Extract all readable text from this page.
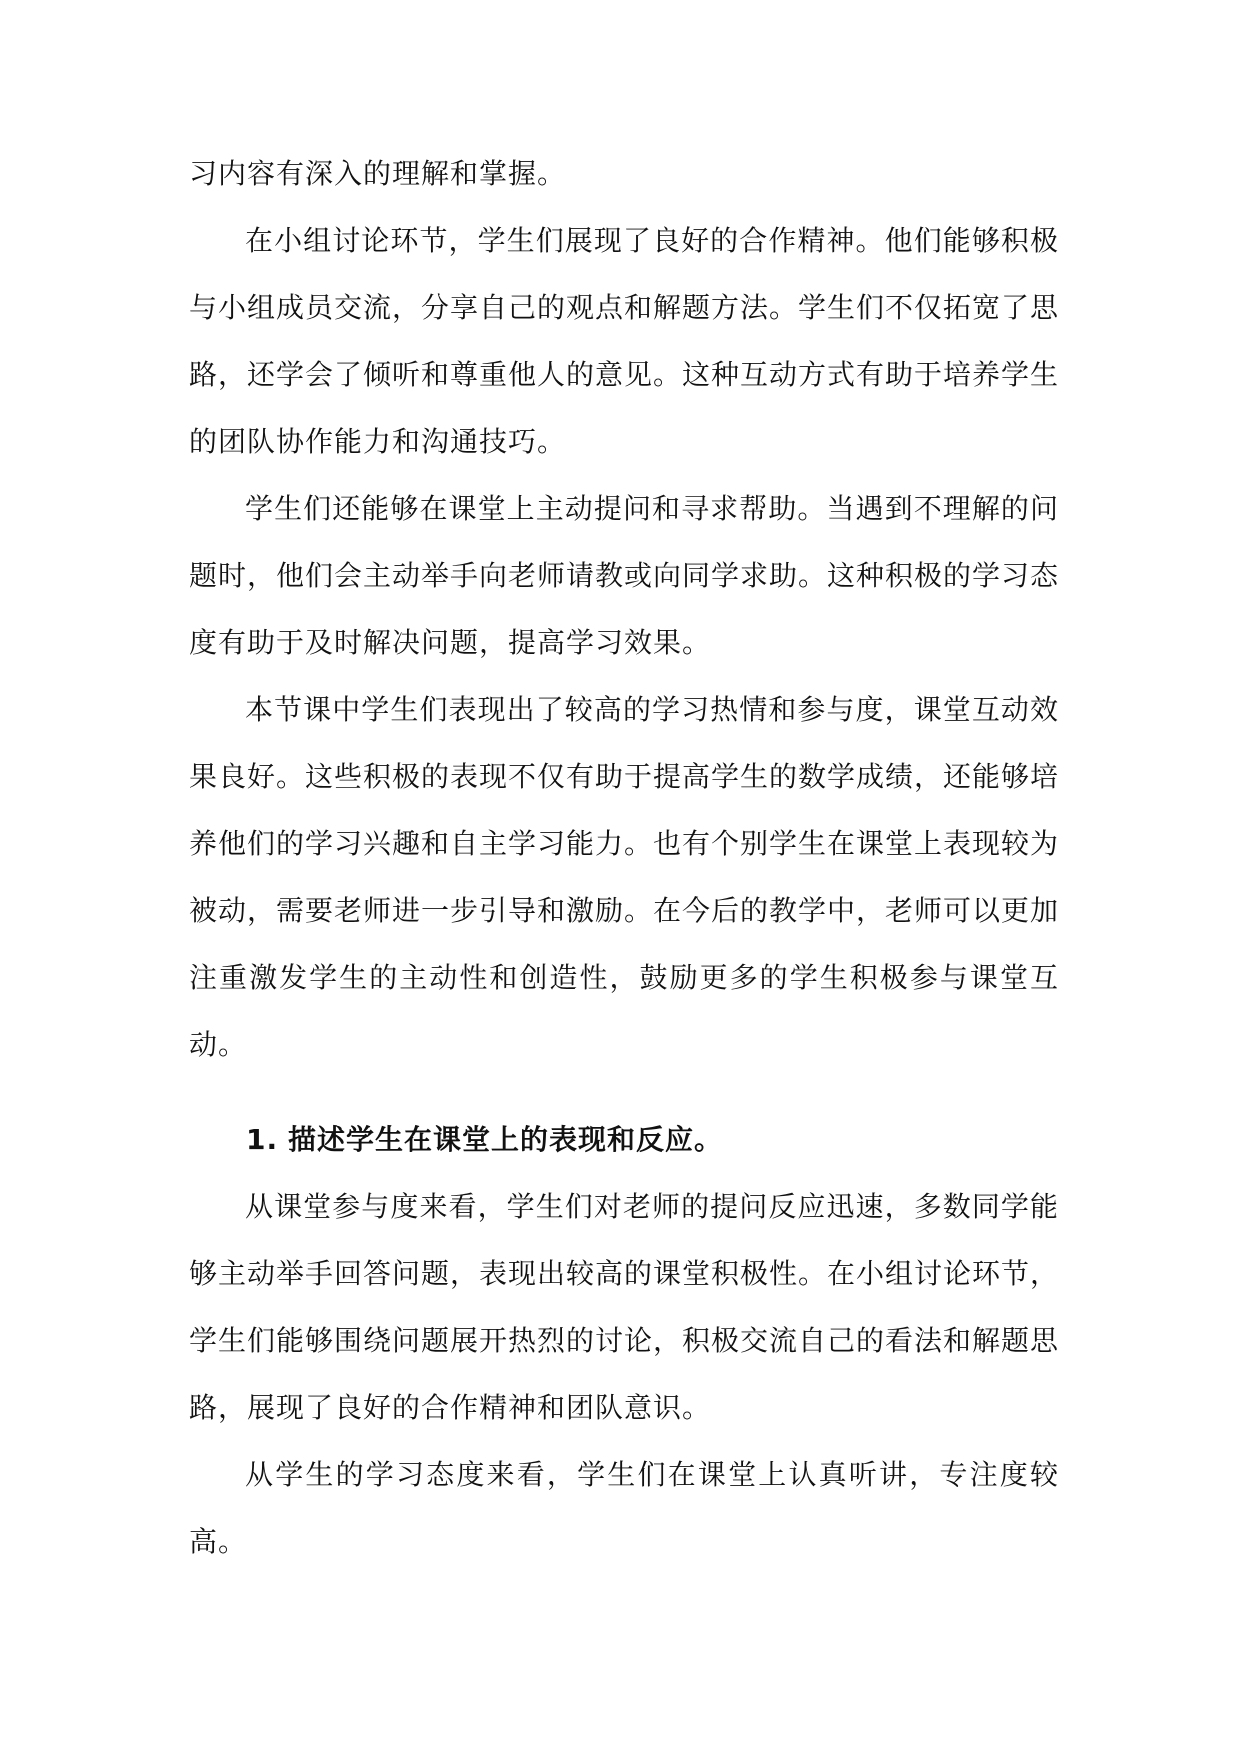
习内容有深入的理解和掌握。

在小组讨论环节，学生们展现了良好的合作精神。他们能够积极与小组成员交流，分享自己的观点和解题方法。学生们不仅拓宽了思路，还学会了倾听和尊重他人的意见。这种互动方式有助于培养学生的团队协作能力和沟通技巧。

学生们还能够在课堂上主动提问和寻求帮助。当遇到不理解的问题时，他们会主动举手向老师请教或向同学求助。这种积极的学习态度有助于及时解决问题，提高学习效果。

本节课中学生们表现出了较高的学习热情和参与度，课堂互动效果良好。这些积极的表现不仅有助于提高学生的数学成绩，还能够培养他们的学习兴趣和自主学习能力。也有个别学生在课堂上表现较为被动，需要老师进一步引导和激励。在今后的教学中，老师可以更加注重激发学生的主动性和创造性，鼓励更多的学生积极参与课堂互动。

1. 描述学生在课堂上的表现和反应。

从课堂参与度来看，学生们对老师的提问反应迅速，多数同学能够主动举手回答问题，表现出较高的课堂积极性。在小组讨论环节，学生们能够围绕问题展开热烈的讨论，积极交流自己的看法和解题思路，展现了良好的合作精神和团队意识。

从学生的学习态度来看，学生们在课堂上认真听讲，专注度较高。
